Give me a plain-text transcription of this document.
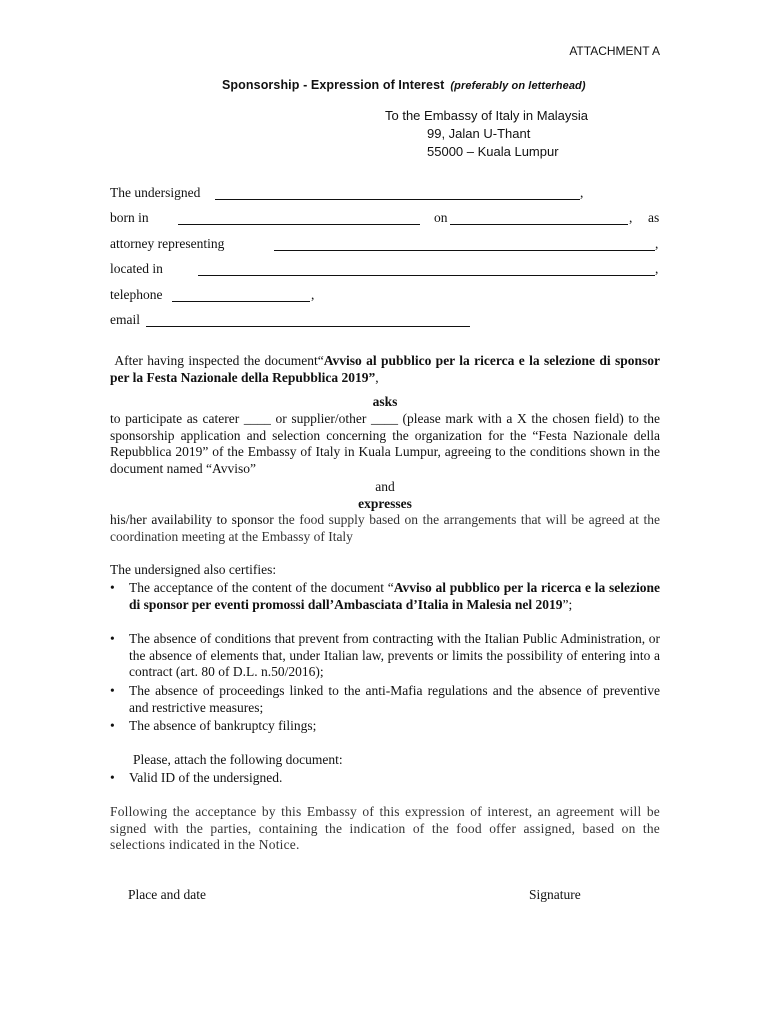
ATTACHMENT A
Sponsorship - Expression of Interest (preferably on letterhead)
To the Embassy of Italy in Malaysia
99, Jalan U-Thant
55000 – Kuala Lumpur
The undersigned	,
born in	on	, as
attorney representing	,
located in	,
telephone	,
email
After having inspected the document“Avviso al pubblico per la ricerca e la selezione di sponsor per la Festa Nazionale della Repubblica 2019”,
asks
to participate as caterer ____ or supplier/other ____ (please mark with a X the chosen field) to the sponsorship application and selection concerning the organization for the “Festa Nazionale della Repubblica 2019” of the Embassy of Italy in Kuala Lumpur, agreeing to the conditions shown in the document named “Avviso”
and
expresses
his/her availability to sponsor the food supply based on the arrangements that will be agreed at the coordination meeting at the Embassy of Italy
The undersigned also certifies:
• The acceptance of the content of the document “Avviso al pubblico per la ricerca e la selezione di sponsor per eventi promossi dall’Ambasciata d’Italia in Malesia nel 2019”;
• The absence of conditions that prevent from contracting with the Italian Public Administration, or the absence of elements that, under Italian law, prevents or limits the possibility of entering into a contract (art. 80 of D.L. n.50/2016);
• The absence of proceedings linked to the anti-Mafia regulations and the absence of preventive and restrictive measures;
• The absence of bankruptcy filings;
Please, attach the following document:
• Valid ID of the undersigned.
Following the acceptance by this Embassy of this expression of interest, an agreement will be signed with the parties, containing the indication of the food offer assigned, based on the selections indicated in the Notice.
Place and date	Signature
